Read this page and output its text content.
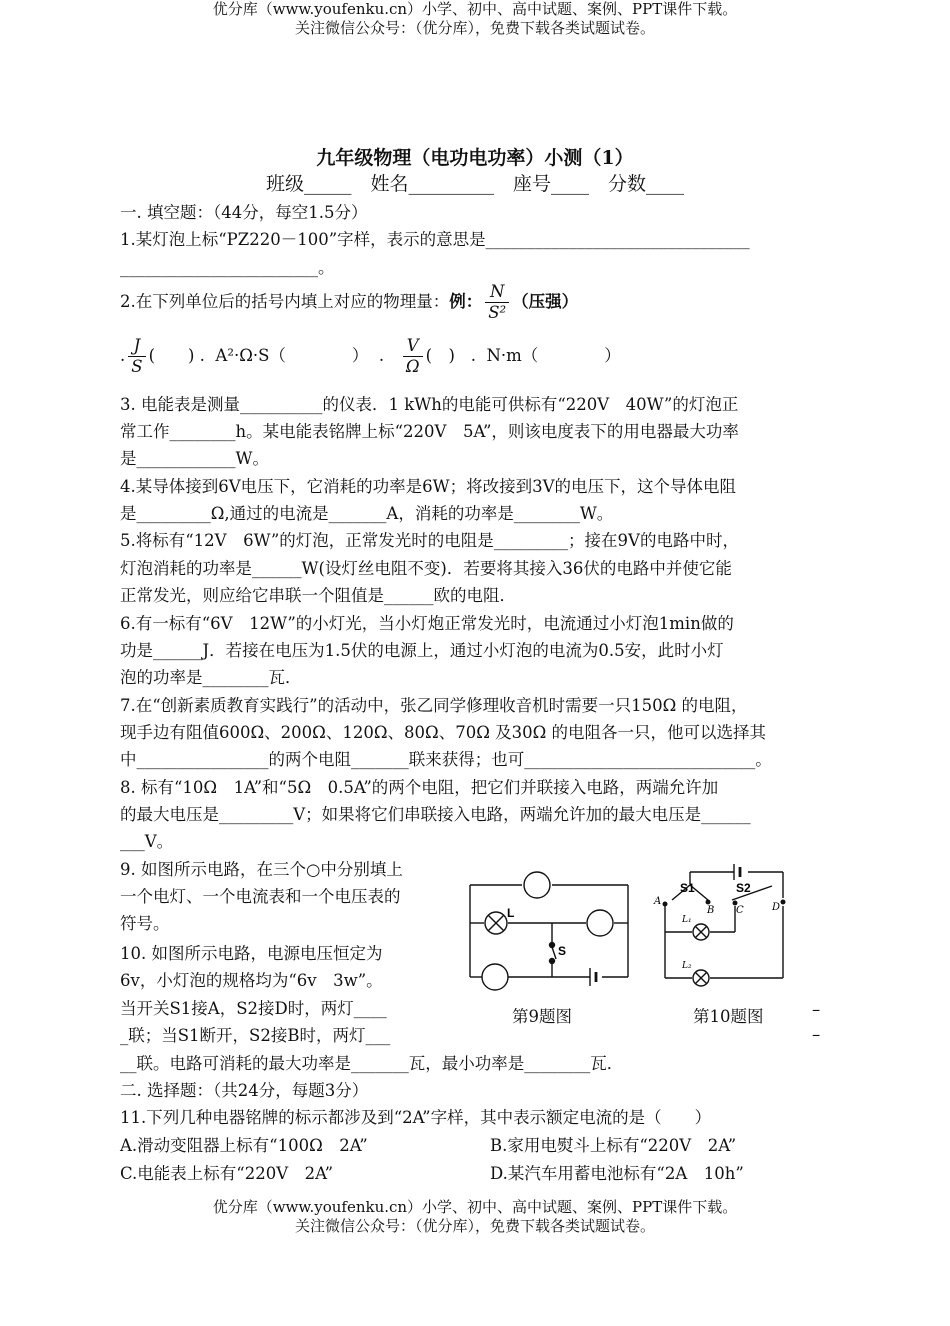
优分库（www.youfenku.cn）小学、初中、高中试题、案例、PPT课件下载。
关注微信公众号：（优分库），免费下载各类试题试卷。
九年级物理（电功电功率）小测（1）
班级_____　姓名_________　座号____　分数____
一. 填空题：（44分，每空1.5分）
1.某灯泡上标“PZ220－100”字样，表示的意思是________________________________
________________________。
2.在下列单位后的括号内填上对应的物理量：例： $\frac{N}{\text{S²}}$ （压强）
. $\frac{J}{S}$ (　　) .  A²·Ω·S（　　　　）  . $\frac{V}{\Omega}$ (　)   .  N·m（　　　　）
3. 电能表是测量__________的仪表．1 kWh的电能可供标有“220V　40W”的灯泡正
常工作________h。某电能表铭牌上标“220V　5A”，则该电度表下的用电器最大功率
是____________W。
4.某导体接到6V电压下，它消耗的功率是6W；将改接到3V的电压下，这个导体电阻
是_________Ω,通过的电流是_______A，消耗的功率是________W。
5.将标有“12V　6W”的灯泡，正常发光时的电阻是_________；接在9V的电路中时，
灯泡消耗的功率是______W(设灯丝电阻不变)．若要将其接入36伏的电路中并使它能
正常发光，则应给它串联一个阻值是______欧的电阻．
6.有一标有“6V　12W”的小灯光，当小灯炮正常发光时，电流通过小灯泡1min做的
功是______J．若接在电压为1.5伏的电源上，通过小灯泡的电流为0.5安，此时小灯
泡的功率是________瓦．
7.在“创新素质教育实践行”的活动中，张乙同学修理收音机时需要一只150Ω 的电阻，
现手边有阻值600Ω、200Ω、120Ω、80Ω、70Ω 及30Ω 的电阻各一只，他可以选择其
中________________的两个电阻_______联来获得；也可____________________________。
8. 标有“10Ω　1A”和“5Ω　0.5A”的两个电阻，把它们并联接入电路，两端允许加
的最大电压是_________V；如果将它们串联接入电路，两端允许加的最大电压是______
___V。
9. 如图所示电路，在三个○中分别填上
一个电灯、一个电流表和一个电压表的
符号。
10. 如图所示电路，电源电压恒定为
6v，小灯泡的规格均为“6v　3w”。
当开关S1接A，S2接D时，两灯____
_联；当S1断开，S2接B时，两灯___
__联。电路可消耗的最大功率是_______瓦，最小功率是________瓦．
二. 选择题：（共24分，每题3分）
11.下列几种电器铭牌的标示都涉及到“2A”字样，其中表示额定电流的是（　　）
A.滑动变阻器上标有“100Ω　2A”	B.家用电熨斗上标有“220V　2A”
C.电能表上标有“220V　2A”	D.某汽车用蓄电池标有“2A　10h”
L
S
S1	S2
A
B C	D
L₁
L₂
第9题图	第10题图	–
–
优分库（www.youfenku.cn）小学、初中、高中试题、案例、PPT课件下载。
关注微信公众号：（优分库），免费下载各类试题试卷。
